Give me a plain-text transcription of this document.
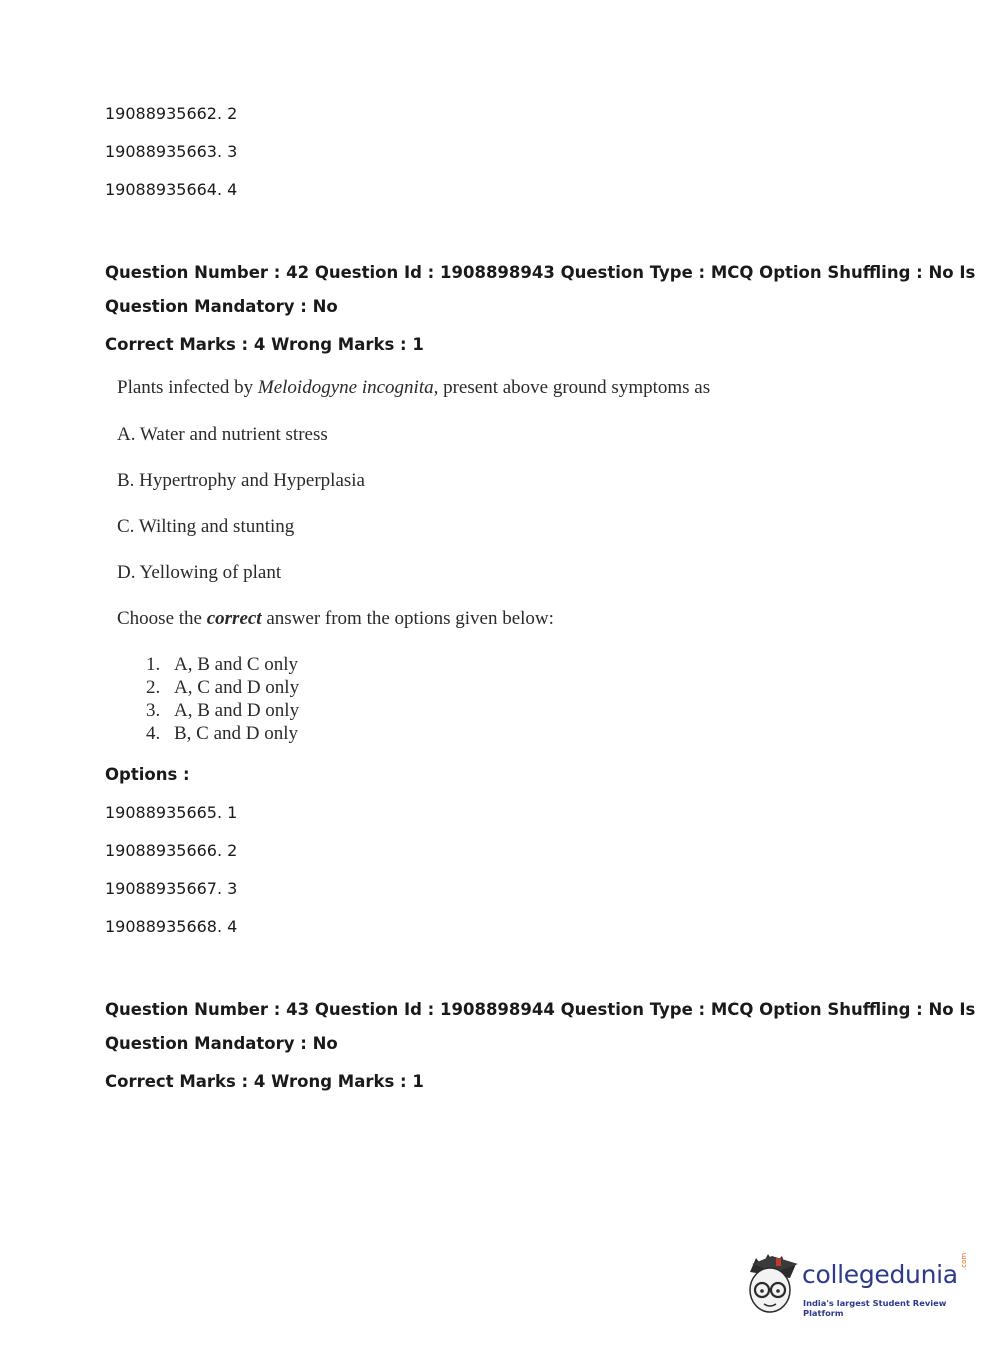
19088935662. 2
19088935663. 3
19088935664. 4
Question Number : 42 Question Id : 1908898943 Question Type : MCQ Option Shuffling : No Is
Question Mandatory : No
Correct Marks : 4 Wrong Marks : 1
Plants infected by Meloidogyne incognita, present above ground symptoms as
A. Water and nutrient stress
B. Hypertrophy and Hyperplasia
C. Wilting and stunting
D. Yellowing of plant
Choose the correct answer from the options given below:
1. A, B and C only
2. A, C and D only
3. A, B and D only
4. B, C and D only
Options :
19088935665. 1
19088935666. 2
19088935667. 3
19088935668. 4
Question Number : 43 Question Id : 1908898944 Question Type : MCQ Option Shuffling : No Is
Question Mandatory : No
Correct Marks : 4 Wrong Marks : 1
collegedunia .com
India's largest Student Review Platform
